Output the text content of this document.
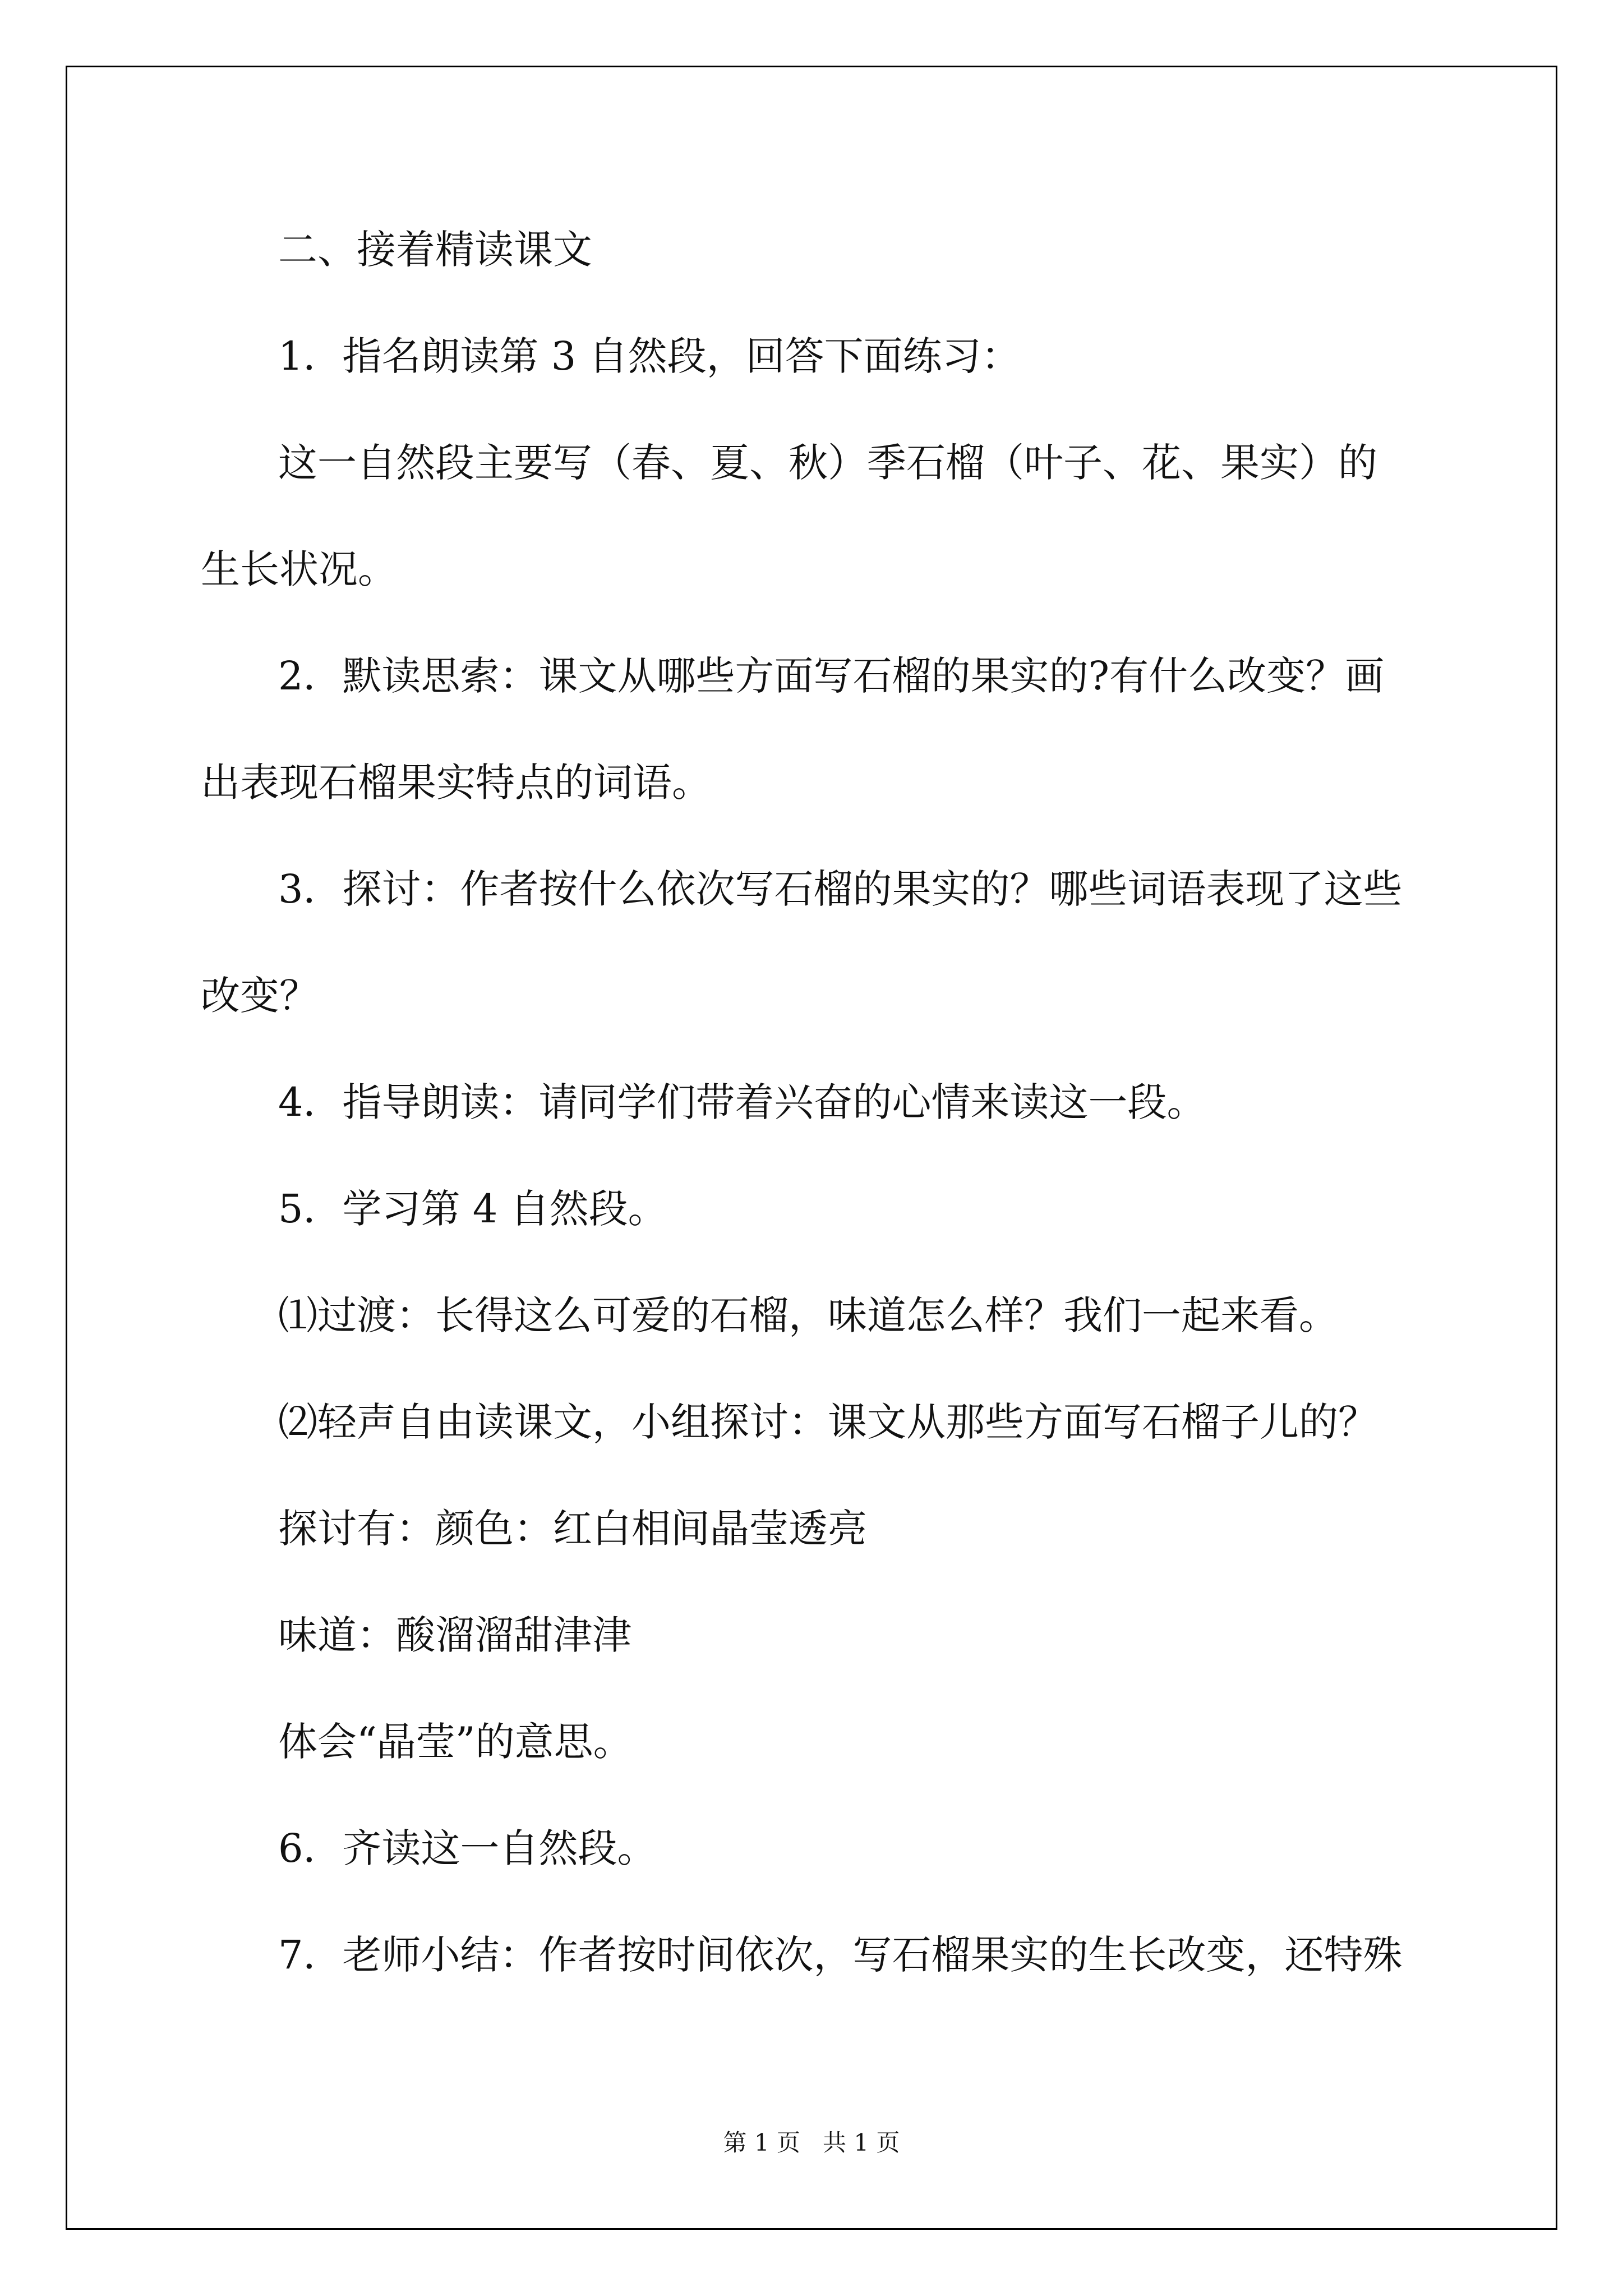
二、接着精读课文

1．指名朗读第 3 自然段，回答下面练习：

这一自然段主要写（春、夏、秋）季石榴（叶子、花、果实）的

生长状况。

2．默读思索：课文从哪些方面写石榴的果实的?有什么改变？画

出表现石榴果实特点的词语。

3．探讨：作者按什么依次写石榴的果实的？哪些词语表现了这些

改变？

4．指导朗读：请同学们带着兴奋的心情来读这一段。

5．学习第 4 自然段。

⑴过渡：长得这么可爱的石榴，味道怎么样？我们一起来看。

⑵轻声自由读课文，小组探讨：课文从那些方面写石榴子儿的？

探讨有：颜色：红白相间晶莹透亮

味道：酸溜溜甜津津

体会“晶莹”的意思。

6．齐读这一自然段。

7．老师小结：作者按时间依次，写石榴果实的生长改变，还特殊

第 1 页   共 1 页
